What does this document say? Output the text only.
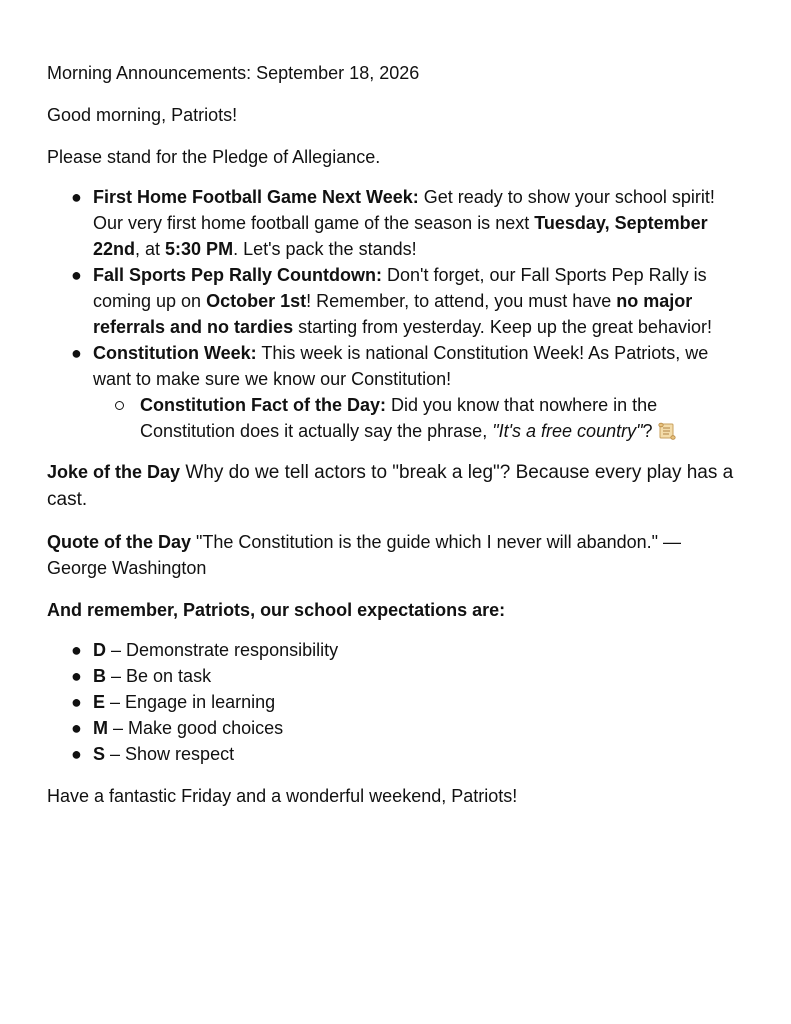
Morning Announcements: September 18, 2026

Good morning, Patriots!

Please stand for the Pledge of Allegiance.

● First Home Football Game Next Week: Get ready to show your school spirit! Our very first home football game of the season is next Tuesday, September 22nd, at 5:30 PM. Let's pack the stands!
● Fall Sports Pep Rally Countdown: Don't forget, our Fall Sports Pep Rally is coming up on October 1st! Remember, to attend, you must have no major referrals and no tardies starting from yesterday. Keep up the great behavior!
● Constitution Week: This week is national Constitution Week! As Patriots, we want to make sure we know our Constitution!
Constitution Fact of the Day: Did you know that nowhere in the Constitution does it actually say the phrase, "It's a free country"?

Joke of the Day Why do we tell actors to "break a leg"? Because every play has a cast.

Quote of the Day "The Constitution is the guide which I never will abandon." — George Washington

And remember, Patriots, our school expectations are:

● D – Demonstrate responsibility
● B – Be on task
● E – Engage in learning
● M – Make good choices
● S – Show respect

Have a fantastic Friday and a wonderful weekend, Patriots!
